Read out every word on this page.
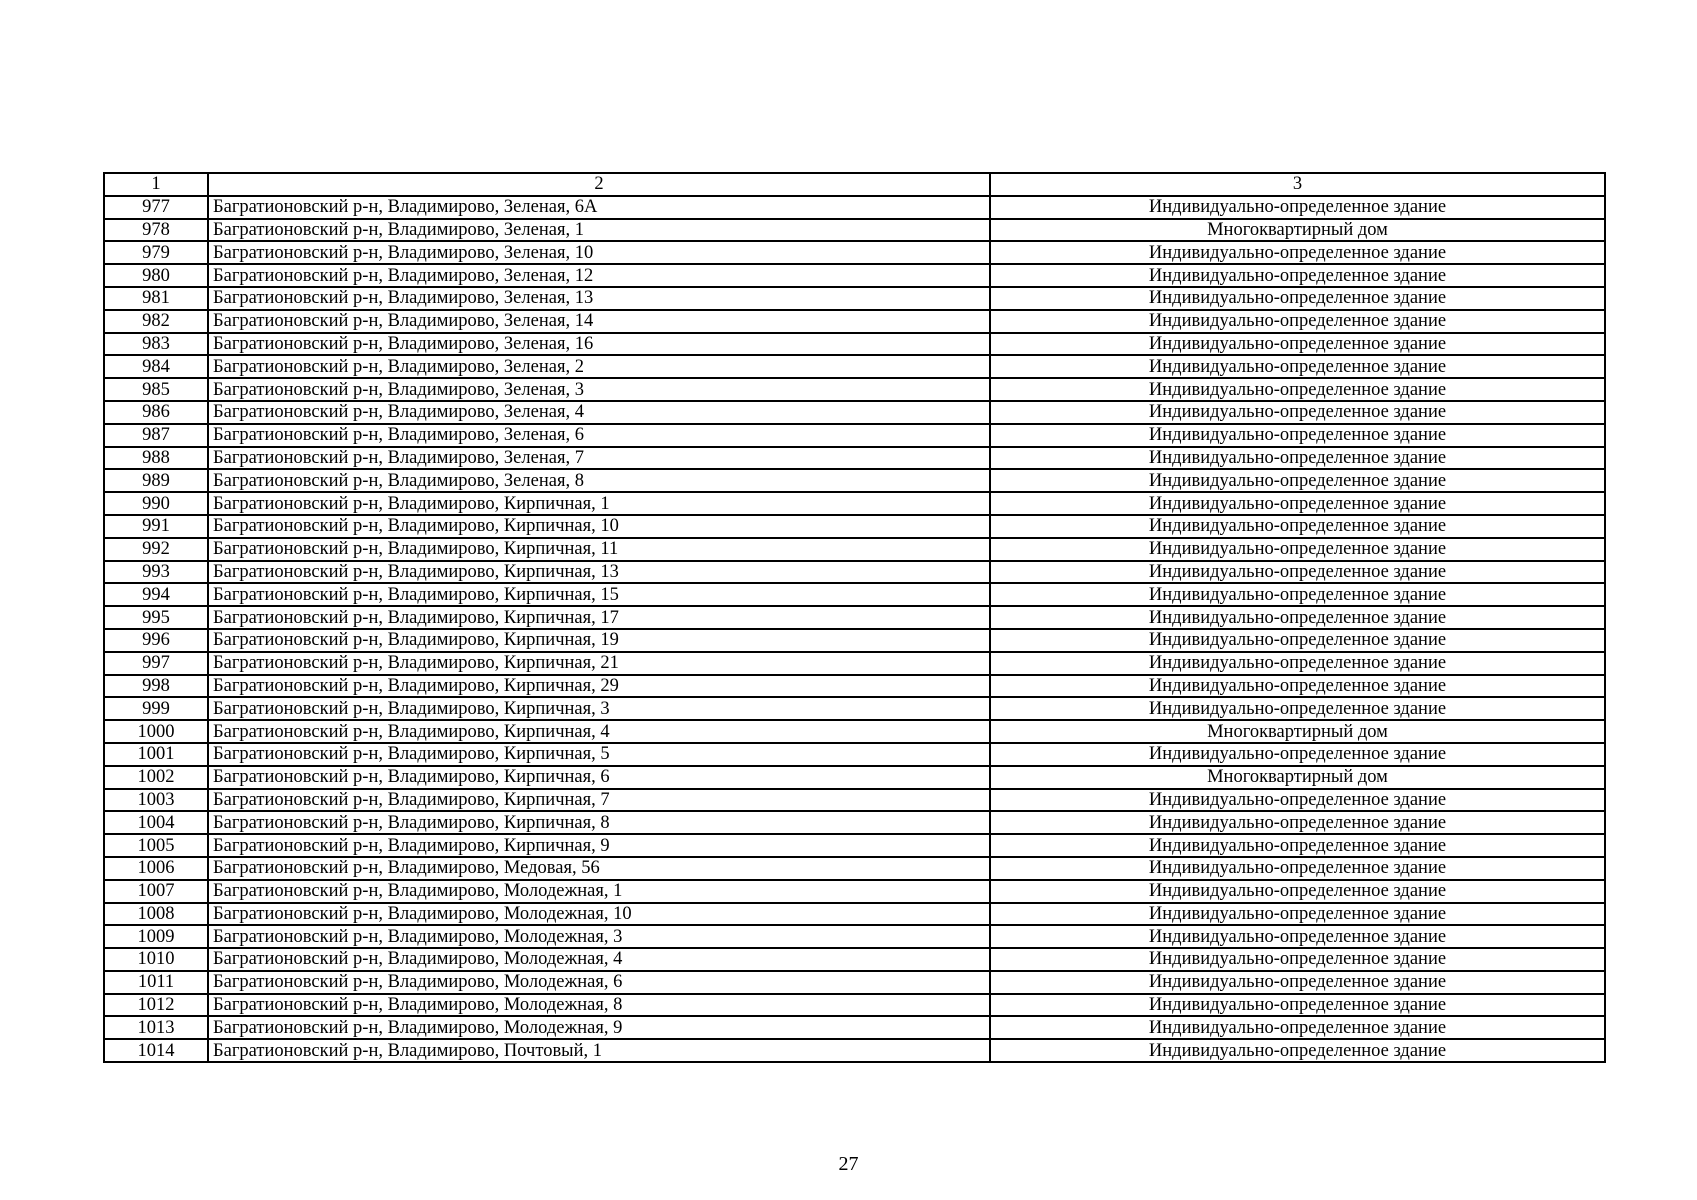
1	2	3
977	Багратионовский р-н, Владимирово, Зеленая, 6А	Индивидуально-определенное здание
978	Багратионовский р-н, Владимирово, Зеленая, 1	Многоквартирный дом
979	Багратионовский р-н, Владимирово, Зеленая, 10	Индивидуально-определенное здание
980	Багратионовский р-н, Владимирово, Зеленая, 12	Индивидуально-определенное здание
981	Багратионовский р-н, Владимирово, Зеленая, 13	Индивидуально-определенное здание
982	Багратионовский р-н, Владимирово, Зеленая, 14	Индивидуально-определенное здание
983	Багратионовский р-н, Владимирово, Зеленая, 16	Индивидуально-определенное здание
984	Багратионовский р-н, Владимирово, Зеленая, 2	Индивидуально-определенное здание
985	Багратионовский р-н, Владимирово, Зеленая, 3	Индивидуально-определенное здание
986	Багратионовский р-н, Владимирово, Зеленая, 4	Индивидуально-определенное здание
987	Багратионовский р-н, Владимирово, Зеленая, 6	Индивидуально-определенное здание
988	Багратионовский р-н, Владимирово, Зеленая, 7	Индивидуально-определенное здание
989	Багратионовский р-н, Владимирово, Зеленая, 8	Индивидуально-определенное здание
990	Багратионовский р-н, Владимирово, Кирпичная, 1	Индивидуально-определенное здание
991	Багратионовский р-н, Владимирово, Кирпичная, 10	Индивидуально-определенное здание
992	Багратионовский р-н, Владимирово, Кирпичная, 11	Индивидуально-определенное здание
993	Багратионовский р-н, Владимирово, Кирпичная, 13	Индивидуально-определенное здание
994	Багратионовский р-н, Владимирово, Кирпичная, 15	Индивидуально-определенное здание
995	Багратионовский р-н, Владимирово, Кирпичная, 17	Индивидуально-определенное здание
996	Багратионовский р-н, Владимирово, Кирпичная, 19	Индивидуально-определенное здание
997	Багратионовский р-н, Владимирово, Кирпичная, 21	Индивидуально-определенное здание
998	Багратионовский р-н, Владимирово, Кирпичная, 29	Индивидуально-определенное здание
999	Багратионовский р-н, Владимирово, Кирпичная, 3	Индивидуально-определенное здание
1000	Багратионовский р-н, Владимирово, Кирпичная, 4	Многоквартирный дом
1001	Багратионовский р-н, Владимирово, Кирпичная, 5	Индивидуально-определенное здание
1002	Багратионовский р-н, Владимирово, Кирпичная, 6	Многоквартирный дом
1003	Багратионовский р-н, Владимирово, Кирпичная, 7	Индивидуально-определенное здание
1004	Багратионовский р-н, Владимирово, Кирпичная, 8	Индивидуально-определенное здание
1005	Багратионовский р-н, Владимирово, Кирпичная, 9	Индивидуально-определенное здание
1006	Багратионовский р-н, Владимирово, Медовая, 56	Индивидуально-определенное здание
1007	Багратионовский р-н, Владимирово, Молодежная, 1	Индивидуально-определенное здание
1008	Багратионовский р-н, Владимирово, Молодежная, 10	Индивидуально-определенное здание
1009	Багратионовский р-н, Владимирово, Молодежная, 3	Индивидуально-определенное здание
1010	Багратионовский р-н, Владимирово, Молодежная, 4	Индивидуально-определенное здание
1011	Багратионовский р-н, Владимирово, Молодежная, 6	Индивидуально-определенное здание
1012	Багратионовский р-н, Владимирово, Молодежная, 8	Индивидуально-определенное здание
1013	Багратионовский р-н, Владимирово, Молодежная, 9	Индивидуально-определенное здание
1014	Багратионовский р-н, Владимирово, Почтовый, 1	Индивидуально-определенное здание
27
